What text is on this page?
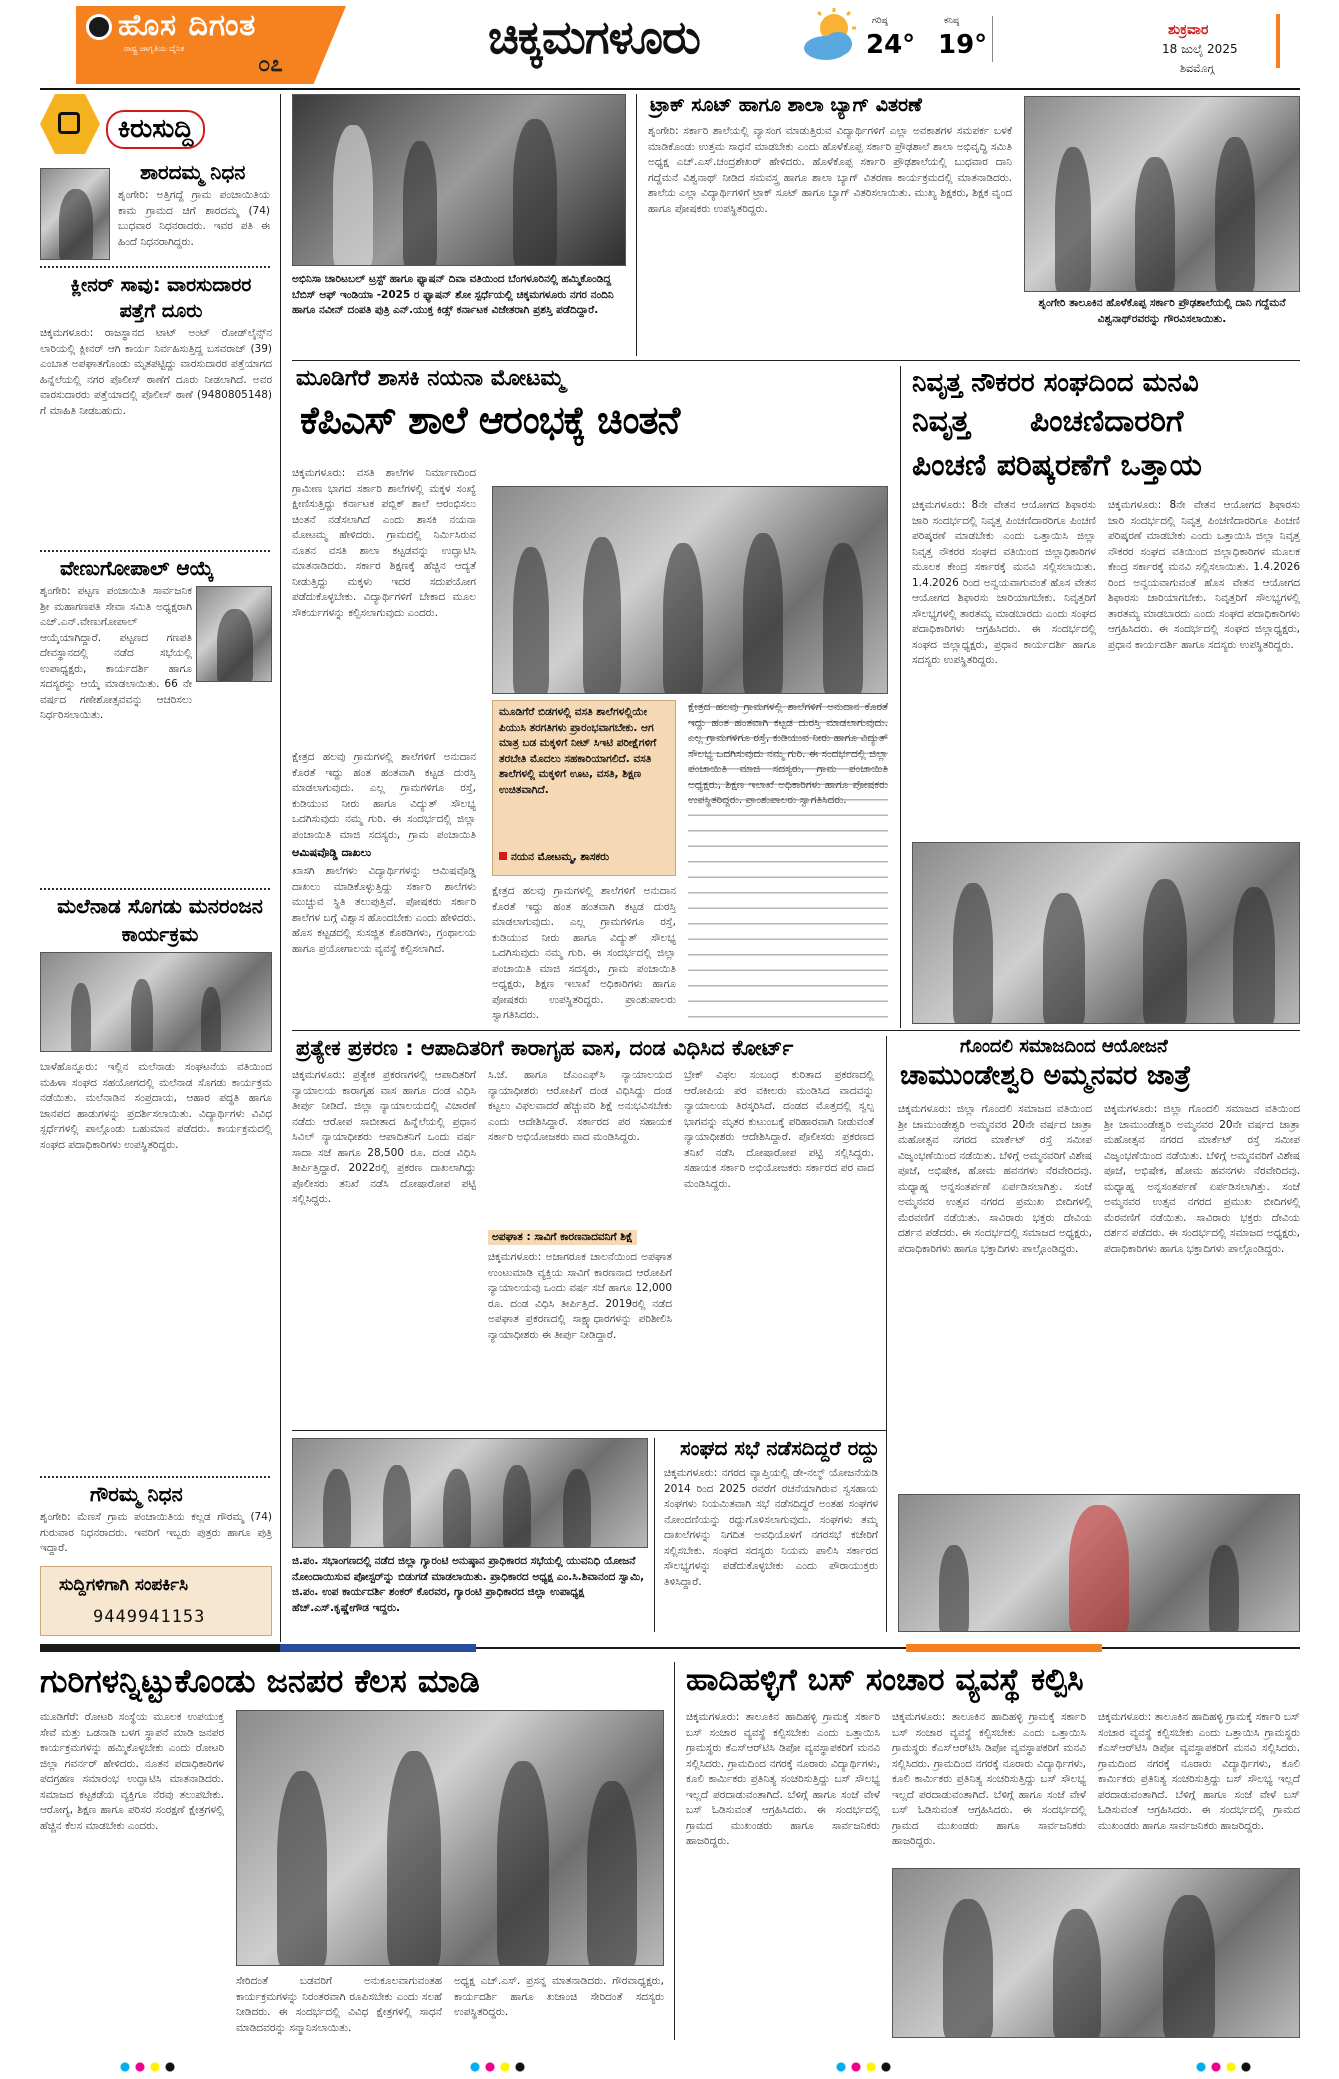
ಹೊಸ ದಿಗಂತ
ರಾಷ್ಟ್ರ ಜಾಗೃತಿಯ ದೈನಿಕ
೦೭
ಚಿಕ್ಕಮಗಳೂರು	ಗರಿಷ್ಠ
24°
ಕನಿಷ್ಠ
19°	ಶುಕ್ರವಾರ
18 ಜುಲೈ 2025
ಶಿವಮೊಗ್ಗ
ಕಿರುಸುದ್ದಿ
ಶಾರದಮ್ಮ ನಿಧನ
ಶೃಂಗೇರಿ: ಅತ್ತಿಗದ್ದೆ ಗ್ರಾಮ ಪಂಚಾಯಿತಿಯ ಕಾಮ ಗ್ರಾಮದ ಚಿಗೆ ಶಾರದಮ್ಮ (74) ಬುಧವಾರ ನಿಧನರಾದರು. ಇವರ ಪತಿ ಈ ಹಿಂದೆ ನಿಧನರಾಗಿದ್ದರು.
ಕ್ಲೀನರ್ ಸಾವು: ವಾರಸುದಾರರ ಪತ್ತೆಗೆ ದೂರು
ಚಿಕ್ಕಮಗಳೂರು: ರಾಜಸ್ಥಾನದ ಟಾಟ್ ಅಂಟ್ ರೋಡ್‌ಲೈನ್ಸ್‌ನ ಲಾರಿಯಲ್ಲಿ ಕ್ಲೀನರ್ ಆಗಿ ಕಾರ್ಯ ನಿರ್ವಹಿಸುತ್ತಿದ್ದ ಬಸವರಾಜ್ (39) ಎಂಬಾತ ಅಪಘಾತಗೊಂಡು ಮೃತಪಟ್ಟಿದ್ದು ವಾರಸುದಾರರ ಪತ್ತೆಯಾಗದ ಹಿನ್ನೆಲೆಯಲ್ಲಿ ನಗರ ಪೊಲೀಸ್ ಠಾಣೆಗೆ ದೂರು ನೀಡಲಾಗಿದೆ. ಅವರ ವಾರಸುದಾರರು ಪತ್ತೆಯಾದಲ್ಲಿ ಪೊಲೀಸ್ ಠಾಣೆ (9480805148) ಗೆ ಮಾಹಿತಿ ನೀಡಬಹುದು.
ವೇಣುಗೋಪಾಲ್ ಆಯ್ಕೆ
ಶೃಂಗೇರಿ: ಪಟ್ಟಣ ಪಂಚಾಯಿತಿ ಸಾರ್ವಜನಿಕ ಶ್ರೀ ಮಹಾಗಣಪತಿ ಸೇವಾ ಸಮಿತಿ ಅಧ್ಯಕ್ಷರಾಗಿ ಎಚ್.ಎನ್.ವೇಣುಗೋಪಾಲ್ ಆಯ್ಕೆಯಾಗಿದ್ದಾರೆ. ಪಟ್ಟಣದ ಗಣಪತಿ ದೇವಸ್ಥಾನದಲ್ಲಿ ನಡೆದ ಸಭೆಯಲ್ಲಿ ಉಪಾಧ್ಯಕ್ಷರು, ಕಾರ್ಯದರ್ಶಿ ಹಾಗೂ ಸದಸ್ಯರನ್ನು ಆಯ್ಕೆ ಮಾಡಲಾಯಿತು. 66 ನೇ ವರ್ಷದ ಗಣೇಶೋತ್ಸವವನ್ನು ಆಚರಿಸಲು ನಿರ್ಧರಿಸಲಾಯಿತು.
ಮಲೆನಾಡ ಸೊಗಡು ಮನರಂಜನ ಕಾರ್ಯಕ್ರಮ
ಬಾಳೆಹೊನ್ನೂರು: ಇಲ್ಲಿನ ಮಲೆನಾಡು ಸಂಘಟನೆಯ ವತಿಯಿಂದ ಮಹಿಳಾ ಸಂಘದ ಸಹಯೋಗದಲ್ಲಿ ಮಲೆನಾಡ ಸೊಗಡು ಕಾರ್ಯಕ್ರಮ ನಡೆಯಿತು. ಮಲೆನಾಡಿನ ಸಂಪ್ರದಾಯ, ಆಹಾರ ಪದ್ಧತಿ ಹಾಗೂ ಜಾನಪದ ಹಾಡುಗಳನ್ನು ಪ್ರದರ್ಶಿಸಲಾಯಿತು. ವಿದ್ಯಾರ್ಥಿಗಳು ವಿವಿಧ ಸ್ಪರ್ಧೆಗಳಲ್ಲಿ ಪಾಲ್ಗೊಂಡು ಬಹುಮಾನ ಪಡೆದರು. ಕಾರ್ಯಕ್ರಮದಲ್ಲಿ ಸಂಘದ ಪದಾಧಿಕಾರಿಗಳು ಉಪಸ್ಥಿತರಿದ್ದರು.
ಗೌರಮ್ಮ ನಿಧನ
ಶೃಂಗೇರಿ: ಮೆಣಸೆ ಗ್ರಾಮ ಪಂಚಾಯಿತಿಯ ಕಲ್ಲಡ ಗೌರಮ್ಮ (74) ಗುರುವಾರ ನಿಧನರಾದರು. ಇವರಿಗೆ ಇಬ್ಬರು ಪುತ್ರರು ಹಾಗೂ ಪುತ್ರಿ ಇದ್ದಾರೆ.
ಸುದ್ದಿಗಳಿಗಾಗಿ ಸಂಪರ್ಕಿಸಿ
9449941153
ಅಭಿನಿಸಾ ಚಾರಿಟಬಲ್ ಟ್ರಸ್ಟ್ ಹಾಗೂ ಫ್ಯಾಷನ್ ದಿವಾ ವತಿಯಿಂದ ಬೆಂಗಳೂರಿನಲ್ಲಿ ಹಮ್ಮಿಕೊಂಡಿದ್ದ ಬೆಬಿಸ್ ಆಫ್ ಇಂಡಿಯಾ -2025 ರ ಫ್ಯಾಷನ್ ಶೋ ಸ್ಪರ್ಧೆಯಲ್ಲಿ ಚಿಕ್ಕಮಗಳೂರು ನಗರ ನಂದಿನಿ ಹಾಗೂ ನವೀನ್ ದಂಪತಿ ಪುತ್ರಿ ಎನ್.ಯುಕ್ತ ಕಿಡ್ಸ್ ಕರ್ನಾಟಕ ವಿಜೇತರಾಗಿ ಪ್ರಶಸ್ತಿ ಪಡೆದಿದ್ದಾರೆ.
ಟ್ರಾಕ್ ಸೂಟ್ ಹಾಗೂ ಶಾಲಾ ಬ್ಯಾಗ್ ವಿತರಣೆ
ಶೃಂಗೇರಿ: ಸರ್ಕಾರಿ ಶಾಲೆಯಲ್ಲಿ ವ್ಯಾಸಂಗ ಮಾಡುತ್ತಿರುವ ವಿದ್ಯಾರ್ಥಿಗಳಿಗೆ ಎಲ್ಲಾ ಅವಕಾಶಗಳ ಸಮಪರ್ಕ ಬಳಕೆ ಮಾಡಿಕೊಂಡು ಉತ್ತಮ ಸಾಧನೆ ಮಾಡಬೇಕು ಎಂದು ಹೊಳೆಕೊಪ್ಪ ಸರ್ಕಾರಿ ಪ್ರೌಢಶಾಲೆ ಶಾಲಾ ಅಭಿವೃದ್ಧಿ ಸಮಿತಿ ಅಧ್ಯಕ್ಷ ಎಚ್.ಎಸ್.ಚಂದ್ರಶೇಖರ್ ಹೇಳಿದರು. ಹೊಳೆಕೊಪ್ಪ ಸರ್ಕಾರಿ ಪ್ರೌಢಶಾಲೆಯಲ್ಲಿ ಬುಧವಾರ ದಾನಿ ಗದ್ದೆಮನೆ ವಿಶ್ವನಾಥ್ ನೀಡಿದ ಸಮವಸ್ತ್ರ ಹಾಗೂ ಶಾಲಾ ಬ್ಯಾಗ್ ವಿತರಣಾ ಕಾರ್ಯಕ್ರಮದಲ್ಲಿ ಮಾತನಾಡಿದರು. ಶಾಲೆಯ ಎಲ್ಲಾ ವಿದ್ಯಾರ್ಥಿಗಳಿಗೆ ಟ್ರಾಕ್ ಸೂಟ್ ಹಾಗೂ ಬ್ಯಾಗ್ ವಿತರಿಸಲಾಯಿತು. ಮುಖ್ಯ ಶಿಕ್ಷಕರು, ಶಿಕ್ಷಕ ವೃಂದ ಹಾಗೂ ಪೋಷಕರು ಉಪಸ್ಥಿತರಿದ್ದರು.
ಶೃಂಗೇರಿ ತಾಲೂಕಿನ ಹೊಳೆಕೊಪ್ಪ ಸರ್ಕಾರಿ ಪ್ರೌಢಶಾಲೆಯಲ್ಲಿ ದಾನಿ ಗದ್ದೆಮನೆ ವಿಶ್ವನಾಥ್‌ರವರನ್ನು ಗೌರವಿಸಲಾಯಿತು.
ಮೂಡಿಗೆರೆ ಶಾಸಕಿ ನಯನಾ ಮೋಟಮ್ಮ
ಕೆಪಿಎಸ್ ಶಾಲೆ ಆರಂಭಕ್ಕೆ ಚಿಂತನೆ
ಚಿಕ್ಕಮಗಳೂರು: ವಸತಿ ಶಾಲೆಗಳ ನಿರ್ಮಾಣದಿಂದ ಗ್ರಾಮೀಣ ಭಾಗದ ಸರ್ಕಾರಿ ಶಾಲೆಗಳಲ್ಲಿ ಮಕ್ಕಳ ಸಂಖ್ಯೆ ಕ್ಷೀಣಿಸುತ್ತಿದ್ದು ಕರ್ನಾಟಕ ಪಬ್ಲಿಕ್ ಶಾಲೆ ಆರಂಭಿಸಲು ಚಿಂತನೆ ನಡೆಸಲಾಗಿದೆ ಎಂದು ಶಾಸಕಿ ನಯನಾ ಮೋಟಮ್ಮ ಹೇಳಿದರು. ಗ್ರಾಮದಲ್ಲಿ ನಿರ್ಮಿಸಿರುವ ನೂತನ ವಸತಿ ಶಾಲಾ ಕಟ್ಟಡವನ್ನು ಉದ್ಘಾಟಿಸಿ ಮಾತನಾಡಿದರು. ಸರ್ಕಾರ ಶಿಕ್ಷಣಕ್ಕೆ ಹೆಚ್ಚಿನ ಆದ್ಯತೆ ನೀಡುತ್ತಿದ್ದು ಮಕ್ಕಳು ಇದರ ಸದುಪಯೋಗ ಪಡೆದುಕೊಳ್ಳಬೇಕು. ವಿದ್ಯಾರ್ಥಿಗಳಿಗೆ ಬೇಕಾದ ಮೂಲ ಸೌಕರ್ಯಗಳನ್ನು ಕಲ್ಪಿಸಲಾಗುವುದು ಎಂದರು.
ಆಮಿಷವೊಡ್ಡಿ ದಾಖಲು
ಖಾಸಗಿ ಶಾಲೆಗಳು ವಿದ್ಯಾರ್ಥಿಗಳನ್ನು ಆಮಿಷವೊಡ್ಡಿ ದಾಖಲು ಮಾಡಿಕೊಳ್ಳುತ್ತಿದ್ದು ಸರ್ಕಾರಿ ಶಾಲೆಗಳು ಮುಚ್ಚುವ ಸ್ಥಿತಿ ತಲುಪುತ್ತಿವೆ. ಪೋಷಕರು ಸರ್ಕಾರಿ ಶಾಲೆಗಳ ಬಗ್ಗೆ ವಿಶ್ವಾಸ ಹೊಂದಬೇಕು ಎಂದು ಹೇಳಿದರು. ಹೊಸ ಕಟ್ಟಡದಲ್ಲಿ ಸುಸಜ್ಜಿತ ಕೊಠಡಿಗಳು, ಗ್ರಂಥಾಲಯ ಹಾಗೂ ಪ್ರಯೋಗಾಲಯ ವ್ಯವಸ್ಥೆ ಕಲ್ಪಿಸಲಾಗಿದೆ.
ಕ್ಷೇತ್ರದ ಹಲವು ಗ್ರಾಮಗಳಲ್ಲಿ ಶಾಲೆಗಳಿಗೆ ಅನುದಾನ ಕೊರತೆ ಇದ್ದು ಹಂತ ಹಂತವಾಗಿ ಕಟ್ಟಡ ದುರಸ್ತಿ ಮಾಡಲಾಗುವುದು. ಎಲ್ಲ ಗ್ರಾಮಗಳಿಗೂ ರಸ್ತೆ, ಕುಡಿಯುವ ನೀರು ಹಾಗೂ ವಿದ್ಯುತ್ ಸೌಲಭ್ಯ ಒದಗಿಸುವುದು ನಮ್ಮ ಗುರಿ. ಈ ಸಂದರ್ಭದಲ್ಲಿ ಜಿಲ್ಲಾ ಪಂಚಾಯಿತಿ ಮಾಜಿ ಸದಸ್ಯರು, ಗ್ರಾಮ ಪಂಚಾಯಿತಿ
ಮೂಡಿಗೆರೆ ಬಿಡಗಳಲ್ಲಿ ವಸತಿ ಶಾಲೆಗಳಲ್ಲಿಯೇ ಪಿಯುಸಿ ತರಗತಿಗಳು ಪ್ರಾರಂಭವಾಗಬೇಕು. ಆಗ ಮಾತ್ರ ಬಡ ಮಕ್ಕಳಿಗೆ ನೀಟ್ ಸಿಇಟಿ ಪರೀಕ್ಷೆಗಳಿಗೆ ತರಬೇತಿ ಮೊದಲು ಸಹಕಾರಿಯಾಗಲಿದೆ. ವಸತಿ ಶಾಲೆಗಳಲ್ಲಿ ಮಕ್ಕಳಿಗೆ ಊಟ, ವಸತಿ, ಶಿಕ್ಷಣ ಉಚಿತವಾಗಿದೆ.
ನಯನ ಮೋಟಮ್ಮ, ಶಾಸಕರು
ಕ್ಷೇತ್ರದ ಹಲವು ಗ್ರಾಮಗಳಲ್ಲಿ ಶಾಲೆಗಳಿಗೆ ಅನುದಾನ ಕೊರತೆ ಇದ್ದು ಹಂತ ಹಂತವಾಗಿ ಕಟ್ಟಡ ದುರಸ್ತಿ ಮಾಡಲಾಗುವುದು. ಎಲ್ಲ ಗ್ರಾಮಗಳಿಗೂ ರಸ್ತೆ, ಕುಡಿಯುವ ನೀರು ಹಾಗೂ ವಿದ್ಯುತ್ ಸೌಲಭ್ಯ ಒದಗಿಸುವುದು ನಮ್ಮ ಗುರಿ. ಈ ಸಂದರ್ಭದಲ್ಲಿ ಜಿಲ್ಲಾ ಪಂಚಾಯಿತಿ ಮಾಜಿ ಸದಸ್ಯರು, ಗ್ರಾಮ ಪಂಚಾಯಿತಿ ಅಧ್ಯಕ್ಷರು, ಶಿಕ್ಷಣ ಇಲಾಖೆ ಅಧಿಕಾರಿಗಳು ಹಾಗೂ ಪೋಷಕರು ಉಪಸ್ಥಿತರಿದ್ದರು. ಪ್ರಾಂಶುಪಾಲರು ಸ್ವಾಗತಿಸಿದರು.
ಕ್ಷೇತ್ರದ ಹಲವು ಗ್ರಾಮಗಳಲ್ಲಿ ಶಾಲೆಗಳಿಗೆ ಅನುದಾನ ಕೊರತೆ ಇದ್ದು ಹಂತ ಹಂತವಾಗಿ ಕಟ್ಟಡ ದುರಸ್ತಿ ಮಾಡಲಾಗುವುದು. ಎಲ್ಲ ಗ್ರಾಮಗಳಿಗೂ ರಸ್ತೆ, ಕುಡಿಯುವ ನೀರು ಹಾಗೂ ವಿದ್ಯುತ್ ಸೌಲಭ್ಯ ಒದಗಿಸುವುದು ನಮ್ಮ ಗುರಿ. ಈ ಸಂದರ್ಭದಲ್ಲಿ ಜಿಲ್ಲಾ ಪಂಚಾಯಿತಿ ಮಾಜಿ ಸದಸ್ಯರು, ಗ್ರಾಮ ಪಂಚಾಯಿತಿ ಅಧ್ಯಕ್ಷರು, ಶಿಕ್ಷಣ ಇಲಾಖೆ ಅಧಿಕಾರಿಗಳು ಹಾಗೂ ಪೋಷಕರು ಉಪಸ್ಥಿತರಿದ್ದರು. ಪ್ರಾಂಶುಪಾಲರು ಸ್ವಾಗತಿಸಿದರು.
ನಿವೃತ್ತ ನೌಕರರ ಸಂಘದಿಂದ ಮನವಿ
ನಿವೃತ್ತ ಪಿಂಚಣಿದಾರರಿಗೆ
ಪಿಂಚಣಿ ಪರಿಷ್ಕರಣೆಗೆ ಒತ್ತಾಯ
ಚಿಕ್ಕಮಗಳೂರು: 8ನೇ ವೇತನ ಆಯೋಗದ ಶಿಫಾರಸು ಜಾರಿ ಸಂದರ್ಭದಲ್ಲಿ ನಿವೃತ್ತ ಪಿಂಚಣಿದಾರರಿಗೂ ಪಿಂಚಣಿ ಪರಿಷ್ಕರಣೆ ಮಾಡಬೇಕು ಎಂದು ಒತ್ತಾಯಿಸಿ ಜಿಲ್ಲಾ ನಿವೃತ್ತ ನೌಕರರ ಸಂಘದ ವತಿಯಿಂದ ಜಿಲ್ಲಾಧಿಕಾರಿಗಳ ಮೂಲಕ ಕೇಂದ್ರ ಸರ್ಕಾರಕ್ಕೆ ಮನವಿ ಸಲ್ಲಿಸಲಾಯಿತು. 1.4.2026 ರಿಂದ ಅನ್ವಯವಾಗುವಂತೆ ಹೊಸ ವೇತನ ಆಯೋಗದ ಶಿಫಾರಸು ಜಾರಿಯಾಗಬೇಕು. ನಿವೃತ್ತರಿಗೆ ಸೌಲಭ್ಯಗಳಲ್ಲಿ ತಾರತಮ್ಯ ಮಾಡಬಾರದು ಎಂದು ಸಂಘದ ಪದಾಧಿಕಾರಿಗಳು ಆಗ್ರಹಿಸಿದರು. ಈ ಸಂದರ್ಭದಲ್ಲಿ ಸಂಘದ ಜಿಲ್ಲಾಧ್ಯಕ್ಷರು, ಪ್ರಧಾನ ಕಾರ್ಯದರ್ಶಿ ಹಾಗೂ ಸದಸ್ಯರು ಉಪಸ್ಥಿತರಿದ್ದರು.
ಚಿಕ್ಕಮಗಳೂರು: 8ನೇ ವೇತನ ಆಯೋಗದ ಶಿಫಾರಸು ಜಾರಿ ಸಂದರ್ಭದಲ್ಲಿ ನಿವೃತ್ತ ಪಿಂಚಣಿದಾರರಿಗೂ ಪಿಂಚಣಿ ಪರಿಷ್ಕರಣೆ ಮಾಡಬೇಕು ಎಂದು ಒತ್ತಾಯಿಸಿ ಜಿಲ್ಲಾ ನಿವೃತ್ತ ನೌಕರರ ಸಂಘದ ವತಿಯಿಂದ ಜಿಲ್ಲಾಧಿಕಾರಿಗಳ ಮೂಲಕ ಕೇಂದ್ರ ಸರ್ಕಾರಕ್ಕೆ ಮನವಿ ಸಲ್ಲಿಸಲಾಯಿತು. 1.4.2026 ರಿಂದ ಅನ್ವಯವಾಗುವಂತೆ ಹೊಸ ವೇತನ ಆಯೋಗದ ಶಿಫಾರಸು ಜಾರಿಯಾಗಬೇಕು. ನಿವೃತ್ತರಿಗೆ ಸೌಲಭ್ಯಗಳಲ್ಲಿ ತಾರತಮ್ಯ ಮಾಡಬಾರದು ಎಂದು ಸಂಘದ ಪದಾಧಿಕಾರಿಗಳು ಆಗ್ರಹಿಸಿದರು. ಈ ಸಂದರ್ಭದಲ್ಲಿ ಸಂಘದ ಜಿಲ್ಲಾಧ್ಯಕ್ಷರು, ಪ್ರಧಾನ ಕಾರ್ಯದರ್ಶಿ ಹಾಗೂ ಸದಸ್ಯರು ಉಪಸ್ಥಿತರಿದ್ದರು.
ಪ್ರತ್ಯೇಕ ಪ್ರಕರಣ : ಆಪಾದಿತರಿಗೆ ಕಾರಾಗೃಹ ವಾಸ, ದಂಡ ವಿಧಿಸಿದ ಕೋರ್ಟ್
ಚಿಕ್ಕಮಗಳೂರು: ಪ್ರತ್ಯೇಕ ಪ್ರಕರಣಗಳಲ್ಲಿ ಆಪಾದಿತರಿಗೆ ನ್ಯಾಯಾಲಯ ಕಾರಾಗೃಹ ವಾಸ ಹಾಗೂ ದಂಡ ವಿಧಿಸಿ ತೀರ್ಪು ನೀಡಿದೆ. ಜಿಲ್ಲಾ ನ್ಯಾಯಾಲಯದಲ್ಲಿ ವಿಚಾರಣೆ ನಡೆದು ಆರೋಪ ಸಾಬೀತಾದ ಹಿನ್ನೆಲೆಯಲ್ಲಿ ಪ್ರಧಾನ ಸಿವಿಲ್ ನ್ಯಾಯಾಧೀಶರು ಆಪಾದಿತನಿಗೆ ಒಂದು ವರ್ಷ ಸಾದಾ ಸಜೆ ಹಾಗೂ 28,500 ರೂ. ದಂಡ ವಿಧಿಸಿ ತೀರ್ಪಿತ್ತಿದ್ದಾರೆ. 2022ರಲ್ಲಿ ಪ್ರಕರಣ ದಾಖಲಾಗಿದ್ದು ಪೊಲೀಸರು ತನಿಖೆ ನಡೆಸಿ ದೋಷಾರೋಪ ಪಟ್ಟಿ ಸಲ್ಲಿಸಿದ್ದರು.
ಸಿ.ಜೆ. ಹಾಗೂ ಜೆಎಂಎಫ್‌ಸಿ ನ್ಯಾಯಾಲಯದ ನ್ಯಾಯಾಧೀಶರು ಆರೋಪಿಗೆ ದಂಡ ವಿಧಿಸಿದ್ದು ದಂಡ ಕಟ್ಟಲು ವಿಫಲವಾದರೆ ಹೆಚ್ಚುವರಿ ಶಿಕ್ಷೆ ಅನುಭವಿಸಬೇಕು ಎಂದು ಆದೇಶಿಸಿದ್ದಾರೆ. ಸರ್ಕಾರದ ಪರ ಸಹಾಯಕ ಸರ್ಕಾರಿ ಅಭಿಯೋಜಕರು ವಾದ ಮಂಡಿಸಿದ್ದರು.
ಅಪಘಾತ : ಸಾವಿಗೆ ಕಾರಣನಾದವನಿಗೆ ಶಿಕ್ಷೆ
ಚಿಕ್ಕಮಗಳೂರು: ಅಜಾಗರೂಕ ಚಾಲನೆಯಿಂದ ಅಪಘಾತ ಉಂಟುಮಾಡಿ ವ್ಯಕ್ತಿಯ ಸಾವಿಗೆ ಕಾರಣನಾದ ಆರೋಪಿಗೆ ನ್ಯಾಯಾಲಯವು ಒಂದು ವರ್ಷ ಸಜೆ ಹಾಗೂ 12,000 ರೂ. ದಂಡ ವಿಧಿಸಿ ತೀರ್ಪಿತ್ತಿದೆ. 2019ರಲ್ಲಿ ನಡೆದ ಅಪಘಾತ ಪ್ರಕರಣದಲ್ಲಿ ಸಾಕ್ಷ್ಯಾಧಾರಗಳನ್ನು ಪರಿಶೀಲಿಸಿ ನ್ಯಾಯಾಧೀಶರು ಈ ತೀರ್ಪು ನೀಡಿದ್ದಾರೆ.
ಬ್ರೇಕ್ ವಿಫಲ ಸಂಬಂಧ ಕುರಿತಾದ ಪ್ರಕರಣದಲ್ಲಿ ಆರೋಪಿಯ ಪರ ವಕೀಲರು ಮಂಡಿಸಿದ ವಾದವನ್ನು ನ್ಯಾಯಾಲಯ ತಿರಸ್ಕರಿಸಿದೆ. ದಂಡದ ಮೊತ್ತದಲ್ಲಿ ಸ್ವಲ್ಪ ಭಾಗವನ್ನು ಮೃತರ ಕುಟುಂಬಕ್ಕೆ ಪರಿಹಾರವಾಗಿ ನೀಡುವಂತೆ ನ್ಯಾಯಾಧೀಶರು ಆದೇಶಿಸಿದ್ದಾರೆ. ಪೊಲೀಸರು ಪ್ರಕರಣದ ತನಿಖೆ ನಡೆಸಿ ದೋಷಾರೋಪ ಪಟ್ಟಿ ಸಲ್ಲಿಸಿದ್ದರು. ಸಹಾಯಕ ಸರ್ಕಾರಿ ಅಭಿಯೋಜಕರು ಸರ್ಕಾರದ ಪರ ವಾದ ಮಂಡಿಸಿದ್ದರು.
ಗೊಂದಲಿ ಸಮಾಜದಿಂದ ಆಯೋಜನೆ
ಚಾಮುಂಡೇಶ್ವರಿ ಅಮ್ಮನವರ ಜಾತ್ರೆ
ಚಿಕ್ಕಮಗಳೂರು: ಜಿಲ್ಲಾ ಗೊಂದಲಿ ಸಮಾಜದ ವತಿಯಿಂದ ಶ್ರೀ ಚಾಮುಂಡೇಶ್ವರಿ ಅಮ್ಮನವರ 20ನೇ ವರ್ಷದ ಜಾತ್ರಾ ಮಹೋತ್ಸವ ನಗರದ ಮಾರ್ಕೆಟ್ ರಸ್ತೆ ಸಮೀಪ ವಿಜೃಂಭಣೆಯಿಂದ ನಡೆಯಿತು. ಬೆಳಿಗ್ಗೆ ಅಮ್ಮನವರಿಗೆ ವಿಶೇಷ ಪೂಜೆ, ಅಭಿಷೇಕ, ಹೋಮ ಹವನಗಳು ನೆರವೇರಿದವು. ಮಧ್ಯಾಹ್ನ ಅನ್ನಸಂತರ್ಪಣೆ ಏರ್ಪಡಿಸಲಾಗಿತ್ತು. ಸಂಜೆ ಅಮ್ಮನವರ ಉತ್ಸವ ನಗರದ ಪ್ರಮುಖ ಬೀದಿಗಳಲ್ಲಿ ಮೆರವಣಿಗೆ ನಡೆಯಿತು. ಸಾವಿರಾರು ಭಕ್ತರು ದೇವಿಯ ದರ್ಶನ ಪಡೆದರು. ಈ ಸಂದರ್ಭದಲ್ಲಿ ಸಮಾಜದ ಅಧ್ಯಕ್ಷರು, ಪದಾಧಿಕಾರಿಗಳು ಹಾಗೂ ಭಕ್ತಾದಿಗಳು ಪಾಲ್ಗೊಂಡಿದ್ದರು.
ಚಿಕ್ಕಮಗಳೂರು: ಜಿಲ್ಲಾ ಗೊಂದಲಿ ಸಮಾಜದ ವತಿಯಿಂದ ಶ್ರೀ ಚಾಮುಂಡೇಶ್ವರಿ ಅಮ್ಮನವರ 20ನೇ ವರ್ಷದ ಜಾತ್ರಾ ಮಹೋತ್ಸವ ನಗರದ ಮಾರ್ಕೆಟ್ ರಸ್ತೆ ಸಮೀಪ ವಿಜೃಂಭಣೆಯಿಂದ ನಡೆಯಿತು. ಬೆಳಿಗ್ಗೆ ಅಮ್ಮನವರಿಗೆ ವಿಶೇಷ ಪೂಜೆ, ಅಭಿಷೇಕ, ಹೋಮ ಹವನಗಳು ನೆರವೇರಿದವು. ಮಧ್ಯಾಹ್ನ ಅನ್ನಸಂತರ್ಪಣೆ ಏರ್ಪಡಿಸಲಾಗಿತ್ತು. ಸಂಜೆ ಅಮ್ಮನವರ ಉತ್ಸವ ನಗರದ ಪ್ರಮುಖ ಬೀದಿಗಳಲ್ಲಿ ಮೆರವಣಿಗೆ ನಡೆಯಿತು. ಸಾವಿರಾರು ಭಕ್ತರು ದೇವಿಯ ದರ್ಶನ ಪಡೆದರು. ಈ ಸಂದರ್ಭದಲ್ಲಿ ಸಮಾಜದ ಅಧ್ಯಕ್ಷರು, ಪದಾಧಿಕಾರಿಗಳು ಹಾಗೂ ಭಕ್ತಾದಿಗಳು ಪಾಲ್ಗೊಂಡಿದ್ದರು.
ಜಿ.ಪಂ. ಸಭಾಂಗಣದಲ್ಲಿ ನಡೆದ ಜಿಲ್ಲಾ ಗ್ಯಾರಂಟಿ ಅನುಷ್ಠಾನ ಪ್ರಾಧಿಕಾರದ ಸಭೆಯಲ್ಲಿ ಯುವನಿಧಿ ಯೋಜನೆ ನೋಂದಾಯಿಸುವ ಪೋಸ್ಟರ್‌ನ್ನು ಬಿಡುಗಡೆ ಮಾಡಲಾಯಿತು. ಪ್ರಾಧಿಕಾರದ ಅಧ್ಯಕ್ಷ ಎಂ.ಸಿ.ಶಿವಾನಂದ ಸ್ವಾಮಿ, ಜಿ.ಪಂ. ಉಪ ಕಾರ್ಯದರ್ಶಿ ಶಂಕರ್ ಕೊರವರ, ಗ್ಯಾರಂಟಿ ಪ್ರಾಧಿಕಾರದ ಜಿಲ್ಲಾ ಉಪಾಧ್ಯಕ್ಷ ಹೆಚ್.ಎಸ್.ಕೃಷ್ಣೇಗೌಡ ಇದ್ದರು.
ಸಂಘದ ಸಭೆ ನಡೆಸದಿದ್ದರೆ ರದ್ದು
ಚಿಕ್ಕಮಗಳೂರು: ನಗರದ ವ್ಯಾಪ್ತಿಯಲ್ಲಿ ಡೇ-ನಲ್ಮ್ ಯೋಜನೆಯಡಿ 2014 ರಿಂದ 2025 ರವರೆಗೆ ರಚನೆಯಾಗಿರುವ ಸ್ವಸಹಾಯ ಸಂಘಗಳು ನಿಯಮಿತವಾಗಿ ಸಭೆ ನಡೆಸದಿದ್ದರೆ ಅಂತಹ ಸಂಘಗಳ ನೋಂದಣಿಯನ್ನು ರದ್ದುಗೊಳಿಸಲಾಗುವುದು. ಸಂಘಗಳು ತಮ್ಮ ದಾಖಲೆಗಳನ್ನು ನಿಗದಿತ ಅವಧಿಯೊಳಗೆ ನಗರಸಭೆ ಕಚೇರಿಗೆ ಸಲ್ಲಿಸಬೇಕು. ಸಂಘದ ಸದಸ್ಯರು ನಿಯಮ ಪಾಲಿಸಿ ಸರ್ಕಾರದ ಸೌಲಭ್ಯಗಳನ್ನು ಪಡೆದುಕೊಳ್ಳಬೇಕು ಎಂದು ಪೌರಾಯುಕ್ತರು ತಿಳಿಸಿದ್ದಾರೆ.
ಗುರಿಗಳನ್ನಿಟ್ಟುಕೊಂಡು ಜನಪರ ಕೆಲಸ ಮಾಡಿ
ಮೂಡಿಗೆರೆ: ರೋಟರಿ ಸಂಸ್ಥೆಯ ಮೂಲಕ ಉಪಯುಕ್ತ ಸೇವೆ ಮತ್ತು ಒಡನಾಡಿ ಬಳಗ ಸ್ಥಾಪನೆ ಮಾಡಿ ಜನಪರ ಕಾರ್ಯಕ್ರಮಗಳನ್ನು ಹಮ್ಮಿಕೊಳ್ಳಬೇಕು ಎಂದು ರೋಟರಿ ಜಿಲ್ಲಾ ಗವರ್ನರ್ ಹೇಳಿದರು. ನೂತನ ಪದಾಧಿಕಾರಿಗಳ ಪದಗ್ರಹಣ ಸಮಾರಂಭ ಉದ್ಘಾಟಿಸಿ ಮಾತನಾಡಿದರು. ಸಮಾಜದ ಕಟ್ಟಕಡೆಯ ವ್ಯಕ್ತಿಗೂ ನೆರವು ತಲುಪಬೇಕು. ಆರೋಗ್ಯ, ಶಿಕ್ಷಣ ಹಾಗೂ ಪರಿಸರ ಸಂರಕ್ಷಣೆ ಕ್ಷೇತ್ರಗಳಲ್ಲಿ ಹೆಚ್ಚಿನ ಕೆಲಸ ಮಾಡಬೇಕು ಎಂದರು.
ಸೇರಿದಂತೆ ಬಡವರಿಗೆ ಅನುಕೂಲವಾಗುವಂತಹ ಕಾರ್ಯಕ್ರಮಗಳನ್ನು ನಿರಂತರವಾಗಿ ರೂಪಿಸಬೇಕು ಎಂದು ಸಲಹೆ ನೀಡಿದರು. ಈ ಸಂದರ್ಭದಲ್ಲಿ ವಿವಿಧ ಕ್ಷೇತ್ರಗಳಲ್ಲಿ ಸಾಧನೆ ಮಾಡಿದವರನ್ನು ಸನ್ಮಾನಿಸಲಾಯಿತು.
ಅಧ್ಯಕ್ಷ ಎಚ್.ಎಸ್. ಪ್ರಸನ್ನ ಮಾತನಾಡಿದರು. ಗೌರವಾಧ್ಯಕ್ಷರು, ಕಾರ್ಯದರ್ಶಿ ಹಾಗೂ ಖಜಾಂಚಿ ಸೇರಿದಂತೆ ಸದಸ್ಯರು ಉಪಸ್ಥಿತರಿದ್ದರು.
ಹಾದಿಹಳ್ಳಿಗೆ ಬಸ್ ಸಂಚಾರ ವ್ಯವಸ್ಥೆ ಕಲ್ಪಿಸಿ
ಚಿಕ್ಕಮಗಳೂರು: ತಾಲೂಕಿನ ಹಾದಿಹಳ್ಳಿ ಗ್ರಾಮಕ್ಕೆ ಸರ್ಕಾರಿ ಬಸ್ ಸಂಚಾರ ವ್ಯವಸ್ಥೆ ಕಲ್ಪಿಸಬೇಕು ಎಂದು ಒತ್ತಾಯಿಸಿ ಗ್ರಾಮಸ್ಥರು ಕೆಎಸ್‌ಆರ್‌ಟಿಸಿ ಡಿಪೋ ವ್ಯವಸ್ಥಾಪಕರಿಗೆ ಮನವಿ ಸಲ್ಲಿಸಿದರು. ಗ್ರಾಮದಿಂದ ನಗರಕ್ಕೆ ನೂರಾರು ವಿದ್ಯಾರ್ಥಿಗಳು, ಕೂಲಿ ಕಾರ್ಮಿಕರು ಪ್ರತಿನಿತ್ಯ ಸಂಚರಿಸುತ್ತಿದ್ದು ಬಸ್ ಸೌಲಭ್ಯ ಇಲ್ಲದೆ ಪರದಾಡುವಂತಾಗಿದೆ. ಬೆಳಿಗ್ಗೆ ಹಾಗೂ ಸಂಜೆ ವೇಳೆ ಬಸ್ ಓಡಿಸುವಂತೆ ಆಗ್ರಹಿಸಿದರು. ಈ ಸಂದರ್ಭದಲ್ಲಿ ಗ್ರಾಮದ ಮುಖಂಡರು ಹಾಗೂ ಸಾರ್ವಜನಿಕರು ಹಾಜರಿದ್ದರು.
ಚಿಕ್ಕಮಗಳೂರು: ತಾಲೂಕಿನ ಹಾದಿಹಳ್ಳಿ ಗ್ರಾಮಕ್ಕೆ ಸರ್ಕಾರಿ ಬಸ್ ಸಂಚಾರ ವ್ಯವಸ್ಥೆ ಕಲ್ಪಿಸಬೇಕು ಎಂದು ಒತ್ತಾಯಿಸಿ ಗ್ರಾಮಸ್ಥರು ಕೆಎಸ್‌ಆರ್‌ಟಿಸಿ ಡಿಪೋ ವ್ಯವಸ್ಥಾಪಕರಿಗೆ ಮನವಿ ಸಲ್ಲಿಸಿದರು. ಗ್ರಾಮದಿಂದ ನಗರಕ್ಕೆ ನೂರಾರು ವಿದ್ಯಾರ್ಥಿಗಳು, ಕೂಲಿ ಕಾರ್ಮಿಕರು ಪ್ರತಿನಿತ್ಯ ಸಂಚರಿಸುತ್ತಿದ್ದು ಬಸ್ ಸೌಲಭ್ಯ ಇಲ್ಲದೆ ಪರದಾಡುವಂತಾಗಿದೆ. ಬೆಳಿಗ್ಗೆ ಹಾಗೂ ಸಂಜೆ ವೇಳೆ ಬಸ್ ಓಡಿಸುವಂತೆ ಆಗ್ರಹಿಸಿದರು. ಈ ಸಂದರ್ಭದಲ್ಲಿ ಗ್ರಾಮದ ಮುಖಂಡರು ಹಾಗೂ ಸಾರ್ವಜನಿಕರು ಹಾಜರಿದ್ದರು.
ಚಿಕ್ಕಮಗಳೂರು: ತಾಲೂಕಿನ ಹಾದಿಹಳ್ಳಿ ಗ್ರಾಮಕ್ಕೆ ಸರ್ಕಾರಿ ಬಸ್ ಸಂಚಾರ ವ್ಯವಸ್ಥೆ ಕಲ್ಪಿಸಬೇಕು ಎಂದು ಒತ್ತಾಯಿಸಿ ಗ್ರಾಮಸ್ಥರು ಕೆಎಸ್‌ಆರ್‌ಟಿಸಿ ಡಿಪೋ ವ್ಯವಸ್ಥಾಪಕರಿಗೆ ಮನವಿ ಸಲ್ಲಿಸಿದರು. ಗ್ರಾಮದಿಂದ ನಗರಕ್ಕೆ ನೂರಾರು ವಿದ್ಯಾರ್ಥಿಗಳು, ಕೂಲಿ ಕಾರ್ಮಿಕರು ಪ್ರತಿನಿತ್ಯ ಸಂಚರಿಸುತ್ತಿದ್ದು ಬಸ್ ಸೌಲಭ್ಯ ಇಲ್ಲದೆ ಪರದಾಡುವಂತಾಗಿದೆ. ಬೆಳಿಗ್ಗೆ ಹಾಗೂ ಸಂಜೆ ವೇಳೆ ಬಸ್ ಓಡಿಸುವಂತೆ ಆಗ್ರಹಿಸಿದರು. ಈ ಸಂದರ್ಭದಲ್ಲಿ ಗ್ರಾಮದ ಮುಖಂಡರು ಹಾಗೂ ಸಾರ್ವಜನಿಕರು ಹಾಜರಿದ್ದರು.
